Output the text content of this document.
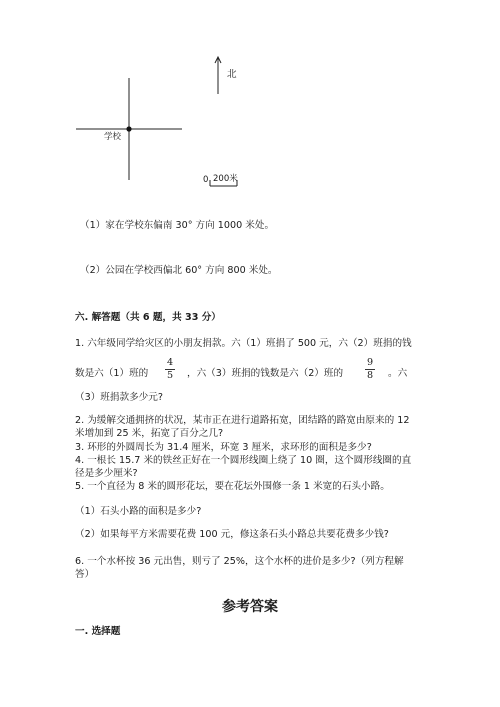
北
学校
0 200米
（1）家在学校东偏南 30° 方向 1000 米处。
（2）公园在学校西偏北 60° 方向 800 米处。
六. 解答题（共 6 题，共 33 分）
1. 六年级同学给灾区的小朋友捐款。六（1）班捐了 500 元，六（2）班捐的钱
数是六（1）班的
4
5	，六（3）班捐的钱数是六（2）班的
9
8	。六
（3）班捐款多少元?
2. 为缓解交通拥挤的状况，某市正在进行道路拓宽，团结路的路宽由原来的 12
米增加到 25 米，拓宽了百分之几?
3. 环形的外圆周长为 31.4 厘米，环宽 3 厘米，求环形的面积是多少?
4. 一根长 15.7 米的铁丝正好在一个圆形线圈上绕了 10 圈，这个圆形线圈的直
径是多少厘米?
5. 一个直径为 8 米的圆形花坛，要在花坛外围修一条 1 米宽的石头小路。
（1）石头小路的面积是多少?
（2）如果每平方米需要花费 100 元，修这条石头小路总共要花费多少钱?
6. 一个水杯按 36 元出售，则亏了 25%，这个水杯的进价是多少?（列方程解
答）
参考答案
一. 选择题
